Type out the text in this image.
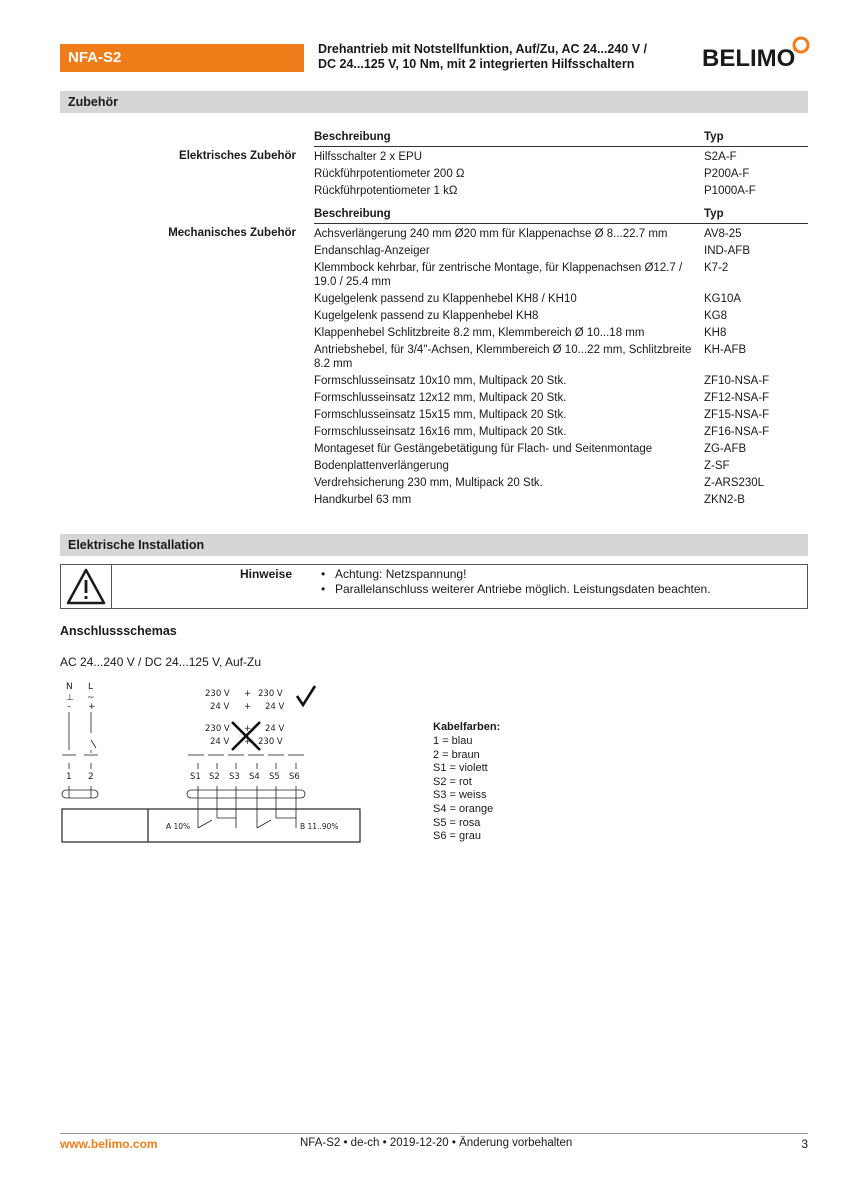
NFA-S2	Drehantrieb mit Notstellfunktion, Auf/Zu, AC 24...240 V /
DC 24...125 V, 10 Nm, mit 2 integrierten Hilfsschaltern	BELIMO
Zubehör
Elektrisches Zubehör
Beschreibung	Typ
Hilfsschalter 2 x EPU	S2A-F
Rückführpotentiometer 200 Ω	P200A-F
Rückführpotentiometer 1 kΩ	P1000A-F
Mechanisches Zubehör
Beschreibung	Typ
Achsverlängerung 240 mm Ø20 mm für Klappenachse Ø 8...22.7 mm	AV8-25
Endanschlag-Anzeiger	IND-AFB
Klemmbock kehrbar, für zentrische Montage, für Klappenachsen Ø12.7 / 19.0 / 25.4 mm
K7-2
Kugelgelenk passend zu Klappenhebel KH8 / KH10	KG10A
Kugelgelenk passend zu Klappenhebel KH8	KG8
Klappenhebel Schlitzbreite 8.2 mm, Klemmbereich Ø 10...18 mm	KH8
Antriebshebel, für 3/4"-Achsen, Klemmbereich Ø 10...22 mm, Schlitzbreite 8.2 mm
KH-AFB
Formschlusseinsatz 10x10 mm, Multipack 20 Stk.	ZF10-NSA-F
Formschlusseinsatz 12x12 mm, Multipack 20 Stk.	ZF12-NSA-F
Formschlusseinsatz 15x15 mm, Multipack 20 Stk.	ZF15-NSA-F
Formschlusseinsatz 16x16 mm, Multipack 20 Stk.	ZF16-NSA-F
Montageset für Gestängebetätigung für Flach- und Seitenmontage	ZG-AFB
Bodenplattenverlängerung	Z-SF
Verdrehsicherung 230 mm, Multipack 20 Stk.	Z-ARS230L
Handkurbel 63 mm	ZKN2-B
Elektrische Installation
Hinweise
•	Achtung: Netzspannung!
• Parallelanschluss weiterer Antriebe möglich. Leistungsdaten beachten.
Anschlussschemas
AC 24...240 V / DC 24...125 V, Auf-Zu
N L
⊥ ~
– +
1 2
230 V + 230 V
24 V + 24 V
230 V + 24 V
24 V + 230 V
S1 S2 S3 S4 S5 S6
A 10%	B 11..90%
Kabelfarben:
1 = blau
2 = braun
S1 = violett
S2 = rot
S3 = weiss
S4 = orange
S5 = rosa
S6 = grau
www.belimo.com	NFA-S2 • de-ch • 2019-12-20 • Änderung vorbehalten	3
